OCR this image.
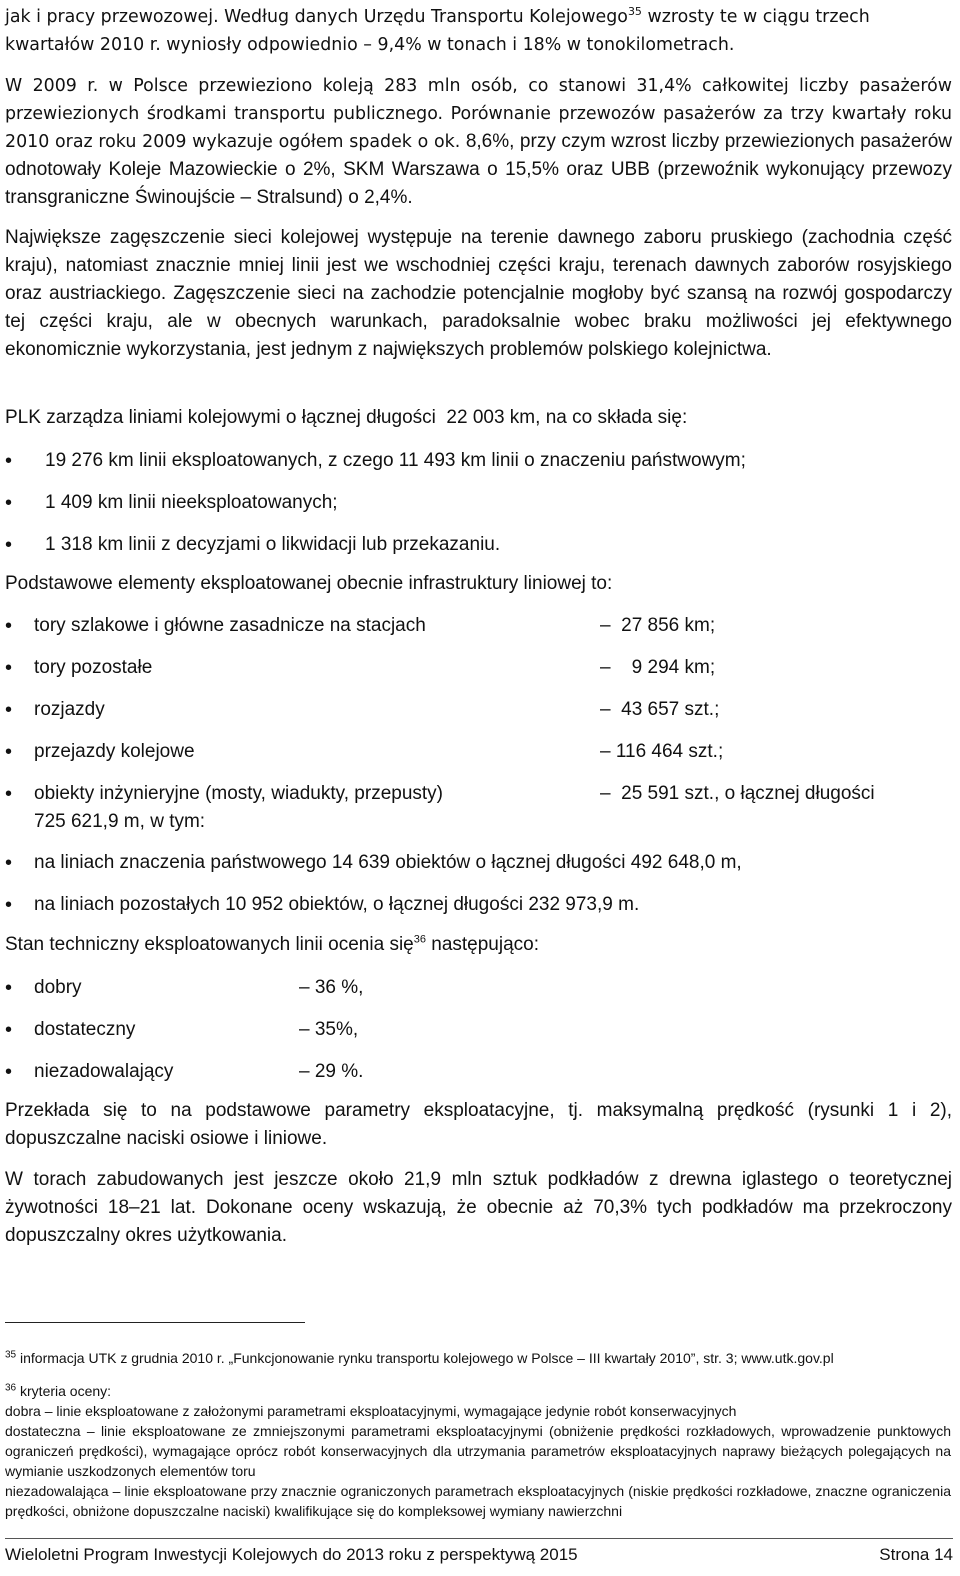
jak i pracy przewozowej. Według danych Urzędu Transportu Kolejowego$^{35}$ wzrosty te w ciągu trzech
kwartałów 2010 r. wyniosły odpowiednio – 9,4% w tonach i 18% w tonokilometrach.

W 2009 r. w Polsce przewieziono koleją 283 mln osób, co stanowi 31,4% całkowitej liczby pasażerów przewiezionych środkami transportu publicznego. Porównanie przewozów pasażerów za trzy kwartały roku 2010 oraz roku 2009 wykazuje ogółem spadek o ok. 8,6%, przy czym wzrost liczby przewiezionych pasażerów odnotowały Koleje Mazowieckie o 2%, SKM Warszawa o 15,5% oraz UBB (przewoźnik wykonujący przewozy transgraniczne Świnoujście – Stralsund) o 2,4%.

Największe zagęszczenie sieci kolejowej występuje na terenie dawnego zaboru pruskiego (zachodnia część kraju), natomiast znacznie mniej linii jest we wschodniej części kraju, terenach dawnych zaborów rosyjskiego oraz austriackiego. Zagęszczenie sieci na zachodzie potencjalnie mogłoby być szansą na rozwój gospodarczy tej części kraju, ale w obecnych warunkach, paradoksalnie wobec braku możliwości jej efektywnego ekonomicznie wykorzystania, jest jednym z największych problemów polskiego kolejnictwa.

PLK zarządza liniami kolejowymi o łącznej długości  22 003 km, na co składa się:

• 19 276 km linii eksploatowanych, z czego 11 493 km linii o znaczeniu państwowym;
• 1 409 km linii nieeksploatowanych;
• 1 318 km linii z decyzjami o likwidacji lub przekazaniu.

Podstawowe elementy eksploatowanej obecnie infrastruktury liniowej to:

• tory szlakowe i główne zasadnicze na stacjach	–  27 856 km;
• tory pozostałe	–    9 294 km;
• rozjazdy	–  43 657 szt.;
• przejazdy kolejowe	– 116 464 szt.;
• obiekty inżynieryjne (mosty, wiadukty, przepusty)	–  25 591 szt., o łącznej długości
725 621,9 m, w tym:
• na liniach znaczenia państwowego 14 639 obiektów o łącznej długości 492 648,0 m,
• na liniach pozostałych 10 952 obiektów, o łącznej długości 232 973,9 m.

Stan techniczny eksploatowanych linii ocenia się$^{36}$ następująco:

• dobry	– 36 %,
• dostateczny	– 35%,
• niezadowalający	– 29 %.

Przekłada się to na podstawowe parametry eksploatacyjne, tj. maksymalną prędkość (rysunki 1 i 2), dopuszczalne naciski osiowe i liniowe.

W torach zabudowanych jest jeszcze około 21,9 mln sztuk podkładów z drewna iglastego o teoretycznej żywotności 18–21 lat. Dokonane oceny wskazują, że obecnie aż 70,3% tych podkładów ma przekroczony dopuszczalny okres użytkowania.

$^{35}$ informacja UTK z grudnia 2010 r. „Funkcjonowanie rynku transportu kolejowego w Polsce – III kwartały 2010”, str. 3; www.utk.gov.pl
$^{36}$ kryteria oceny:
dobra – linie eksploatowane z założonymi parametrami eksploatacyjnymi, wymagające jedynie robót konserwacyjnych
dostateczna – linie eksploatowane ze zmniejszonymi parametrami eksploatacyjnymi (obniżenie prędkości rozkładowych, wprowadzenie punktowych ograniczeń prędkości), wymagające oprócz robót konserwacyjnych dla utrzymania parametrów eksploatacyjnych naprawy bieżących polegających na wymianie uszkodzonych elementów toru
niezadowalająca – linie eksploatowane przy znacznie ograniczonych parametrach eksploatacyjnych (niskie prędkości rozkładowe, znaczne ograniczenia prędkości, obniżone dopuszczalne naciski) kwalifikujące się do kompleksowej wymiany nawierzchni
Wieloletni Program Inwestycji Kolejowych do 2013 roku z perspektywą 2015	Strona 14
